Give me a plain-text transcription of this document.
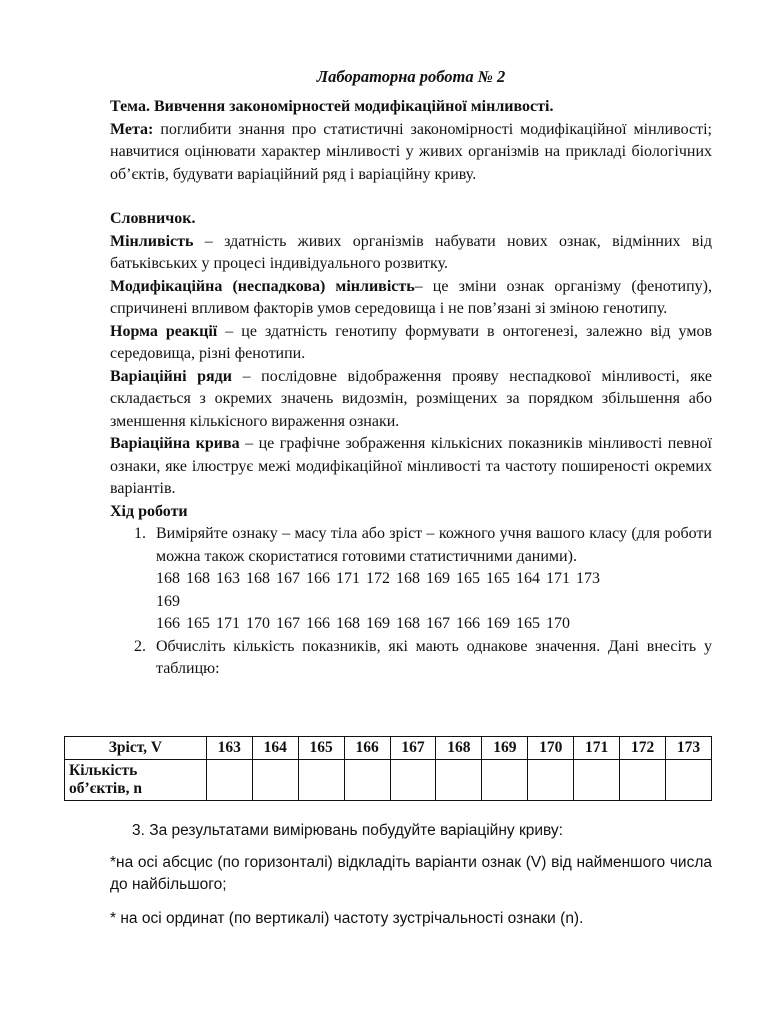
Лабораторна робота № 2

Тема. Вивчення закономірностей модифікаційної мінливості.

Мета: поглибити знання про статистичні закономірності модифікаційної мінливості; навчитися оцінювати характер мінливості у живих організмів на прикладі біологічних об’єктів, будувати варіаційний ряд і варіаційну криву.

Словничок.

Мінливість – здатність живих організмів набувати нових ознак, відмінних від батьківських у процесі індивідуального розвитку.

Модифікаційна (неспадкова) мінливість– це зміни ознак організму (фенотипу), спричинені впливом факторів умов середовища і не пов’язані зі зміною генотипу.

Норма реакції – це здатність генотипу формувати в онтогенезі, залежно від умов середовища, різні фенотипи.

Варіаційні ряди – послідовне відображення прояву неспадкової мінливості, яке складається з окремих значень видозмін, розміщених за порядком збільшення або зменшення кількісного вираження ознаки.

Варіаційна крива – це графічне зображення кількісних показників мінливості певної ознаки, яке ілюструє межі модифікаційної мінливості та частоту поширеності окремих варіантів.

Хід роботи

1. Виміряйте ознаку – масу тіла або зріст – кожного учня вашого класу (для роботи можна також скористатися готовими статистичними даними).
168 168 163 168 167 166 171 172 168 169 165 165 164 171 173
169
166 165 171 170 167 166 168 169 168 167 166 169 165 170
2. Обчисліть кількість показників, які мають однакове значення. Дані внесіть у таблицю:
Зріст, V	163	164	165	166	167	168	169	170	171	172	173

Кількість
об’єктів, n											

3. За результатами вимірювань побудуйте варіаційну криву:
*на осі абсцис (по горизонталі) відкладіть варіанти ознак (V) від найменшого числа до найбільшого;
* на осі ординат (по вертикалі) частоту зустрічальності ознаки (n).
